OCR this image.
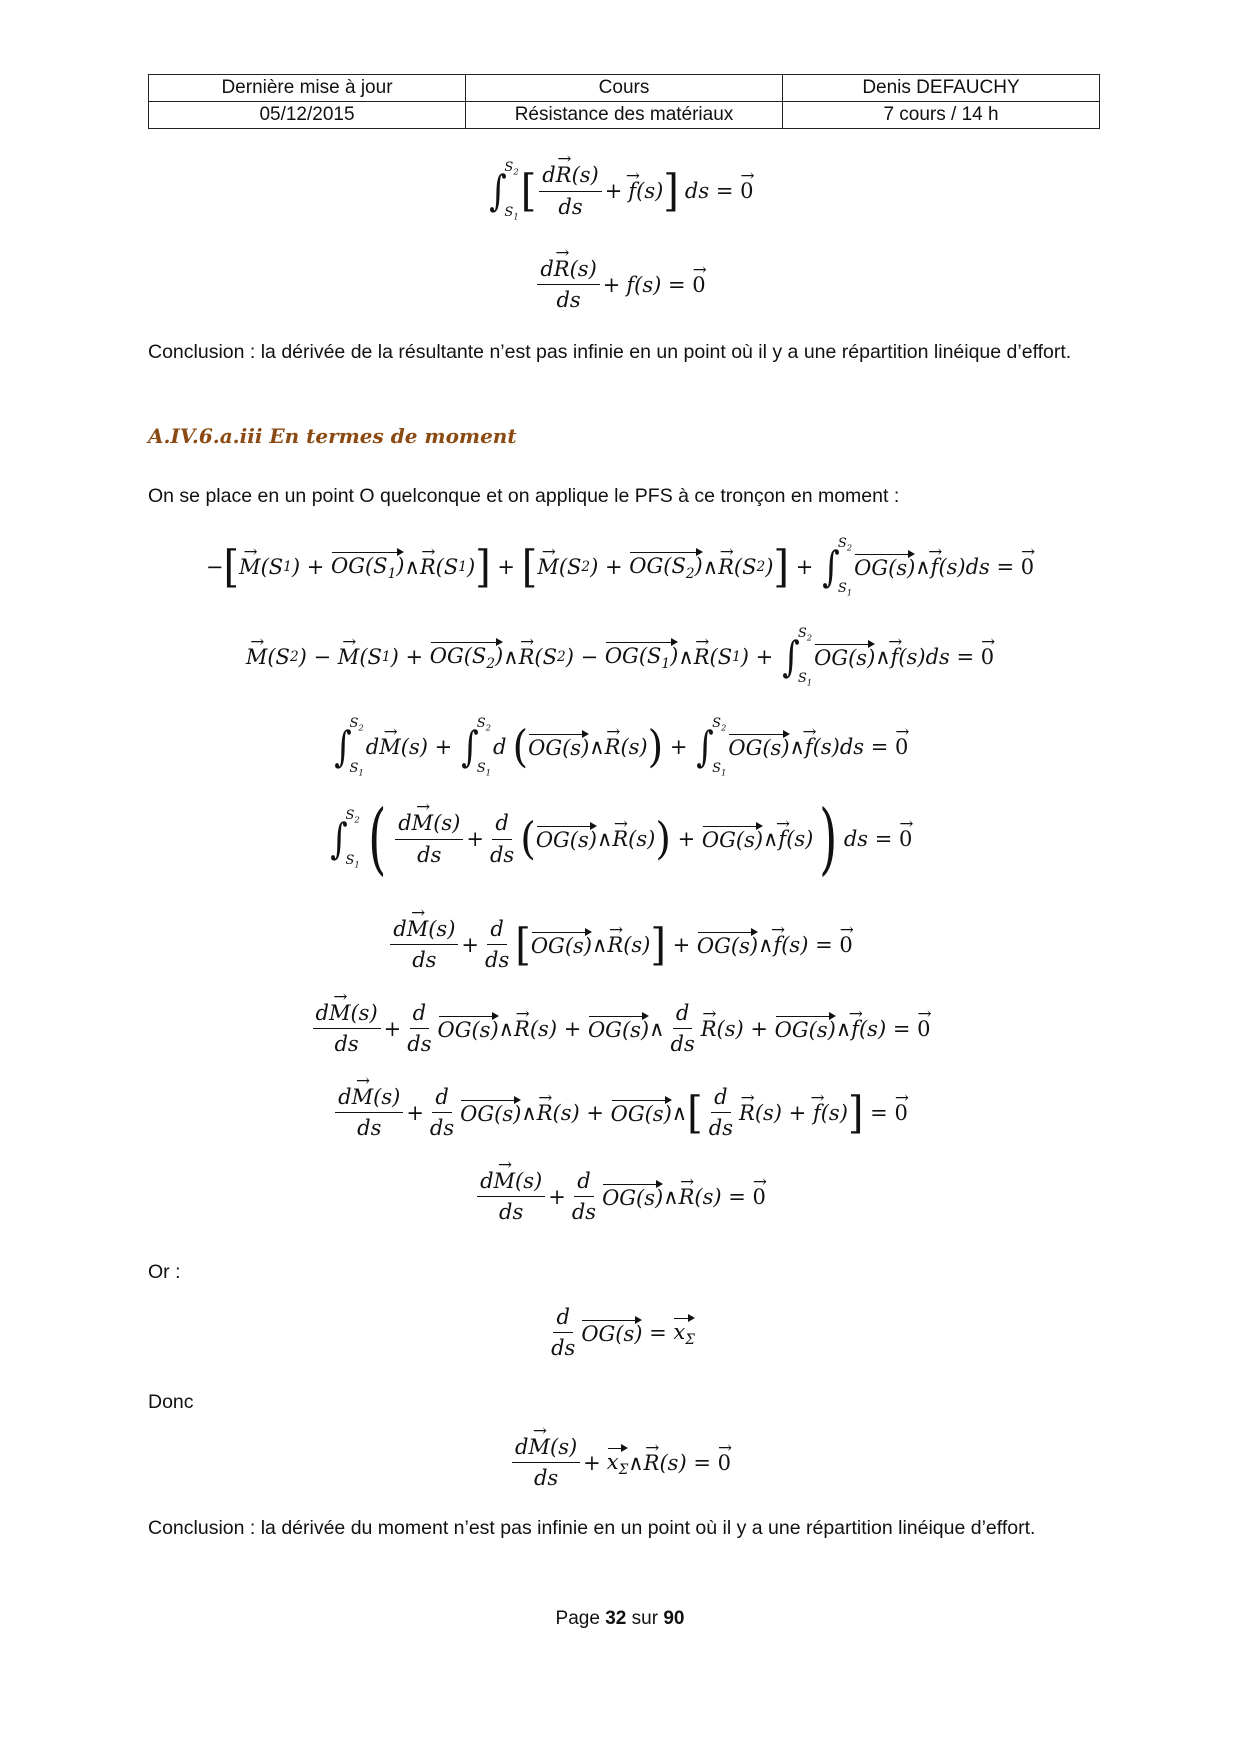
Dernière mise à jour	Cours	Denis DEFAUCHY
05/12/2015	Résistance des matériaux	7 cours / 14 h
∫
$S_2$
$S_1$
[ $\frac{d\to R(s)}{ds}$ + → f (s) ] ds = → 0
$\frac{d\to R(s)}{ds} + f(s)$ = → 0
Conclusion : la dérivée de la résultante n’est pas infinie en un point où il y a une répartition linéique d’effort.
A.IV.6.a.iii En termes de moment
On se place en un point O quelconque et on applique le PFS à ce tronçon en moment :
− [ → M (S 1 ) + $OG(S_1)$ ∧ → R (S 1 ) ] + [ → M (S 2 ) + $OG(S_2)$ ∧ → R (S 2 ) ] + ∫
$S_2$
$S_1$
OG(s) ∧ → f (s)ds = → 0
→ M (S 2 ) − → M (S 1 ) + $OG(S_2)$ ∧ → R (S 2 ) − $OG(S_1)$ ∧ → R (S 1 ) + ∫
$S_2$
$S_1$
OG(s) ∧ → f (s)ds = → 0
∫
$S_2$
$S_1$
d → M (s) + ∫
$S_2$
$S_1$
d ( OG(s) ∧ → R (s) ) + ∫
$S_2$
$S_1$
OG(s) ∧ → f (s)ds = → 0
∫
$S_2$
$S_1$ ( $\frac{d\to M(s)}{ds} + \frac{d}{ds}$ ( OG(s) ∧ → R (s) ) + OG(s) ∧ → f (s) ) ds = → 0
$\frac{d\to M(s)}{ds} + \frac{d}{ds}$ [ OG(s) ∧ → R (s) ] + OG(s) ∧ → f (s) = → 0
$\frac{d\to M(s)}{ds} + \frac{d}{ds} OG(s)$ ∧ → R (s) + OG(s) ∧ $\frac{d}{ds} \to R$ (s) + OG(s) ∧ → f (s) = → 0
$\frac{d\to M(s)}{ds} + \frac{d}{ds} OG(s)$ ∧ → R (s) + OG(s) ∧ [ $\frac{d}{ds} \to R$ (s) + → f (s) ] = → 0
$\frac{d\to M(s)}{ds} + \frac{d}{ds} OG(s)$ ∧ → R (s) = → 0
Or :
$\frac{d}{ds} OG(s) = x_\Sigma$
Donc
$\frac{d\to M(s)}{ds} + x_\Sigma$ ∧ → R (s) = → 0
Conclusion : la dérivée du moment n’est pas infinie en un point où il y a une répartition linéique d’effort.
Page 32 sur 90
